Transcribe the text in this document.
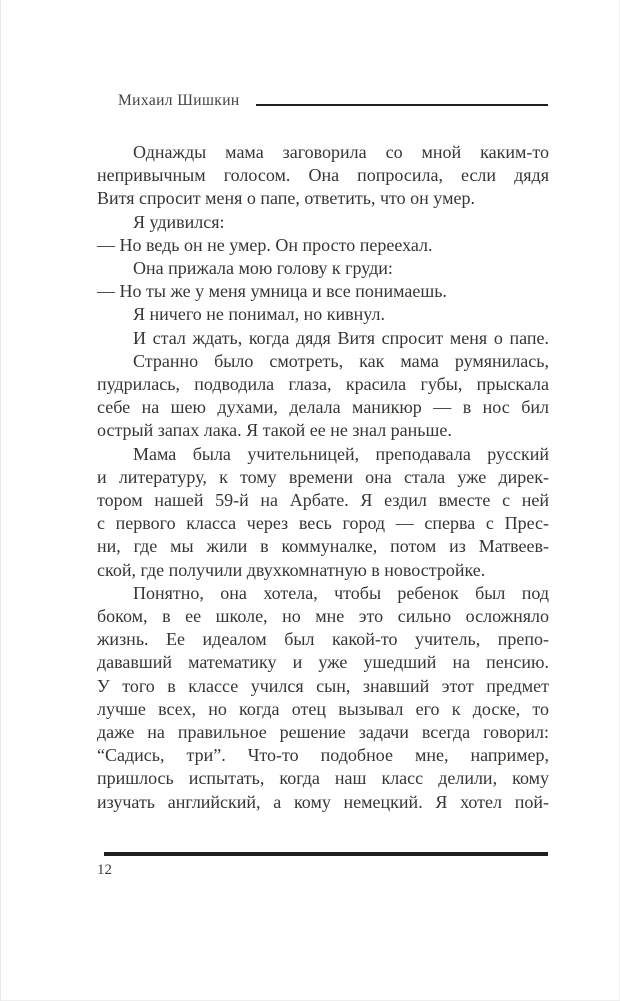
Михаил Шишкин
Однажды мама заговорила со мной каким-то
непривычным голосом. Она попросила, если дядя
Витя спросит меня о папе, ответить, что он умер.
Я удивился:
— Но ведь он не умер. Он просто переехал.
Она прижала мою голову к груди:
— Но ты же у меня умница и все понимаешь.
Я ничего не понимал, но кивнул.
И стал ждать, когда дядя Витя спросит меня о папе.
Странно было смотреть, как мама румянилась,
пудрилась, подводила глаза, красила губы, прыскала
себе на шею духами, делала маникюр — в нос бил
острый запах лака. Я такой ее не знал раньше.
Мама была учительницей, преподавала русский
и литературу, к тому времени она стала уже дирек-
тором нашей 59-й на Арбате. Я ездил вместе с ней
с первого класса через весь город — сперва с Прес-
ни, где мы жили в коммуналке, потом из Матвеев-
ской, где получили двухкомнатную в новостройке.
Понятно, она хотела, чтобы ребенок был под
боком, в ее школе, но мне это сильно осложняло
жизнь. Ее идеалом был какой-то учитель, препо-
дававший математику и уже ушедший на пенсию.
У того в классе учился сын, знавший этот предмет
лучше всех, но когда отец вызывал его к доске, то
даже на правильное решение задачи всегда говорил:
“Садись, три”. Что-то подобное мне, например,
пришлось испытать, когда наш класс делили, кому
изучать английский, а кому немецкий. Я хотел пой-
12
